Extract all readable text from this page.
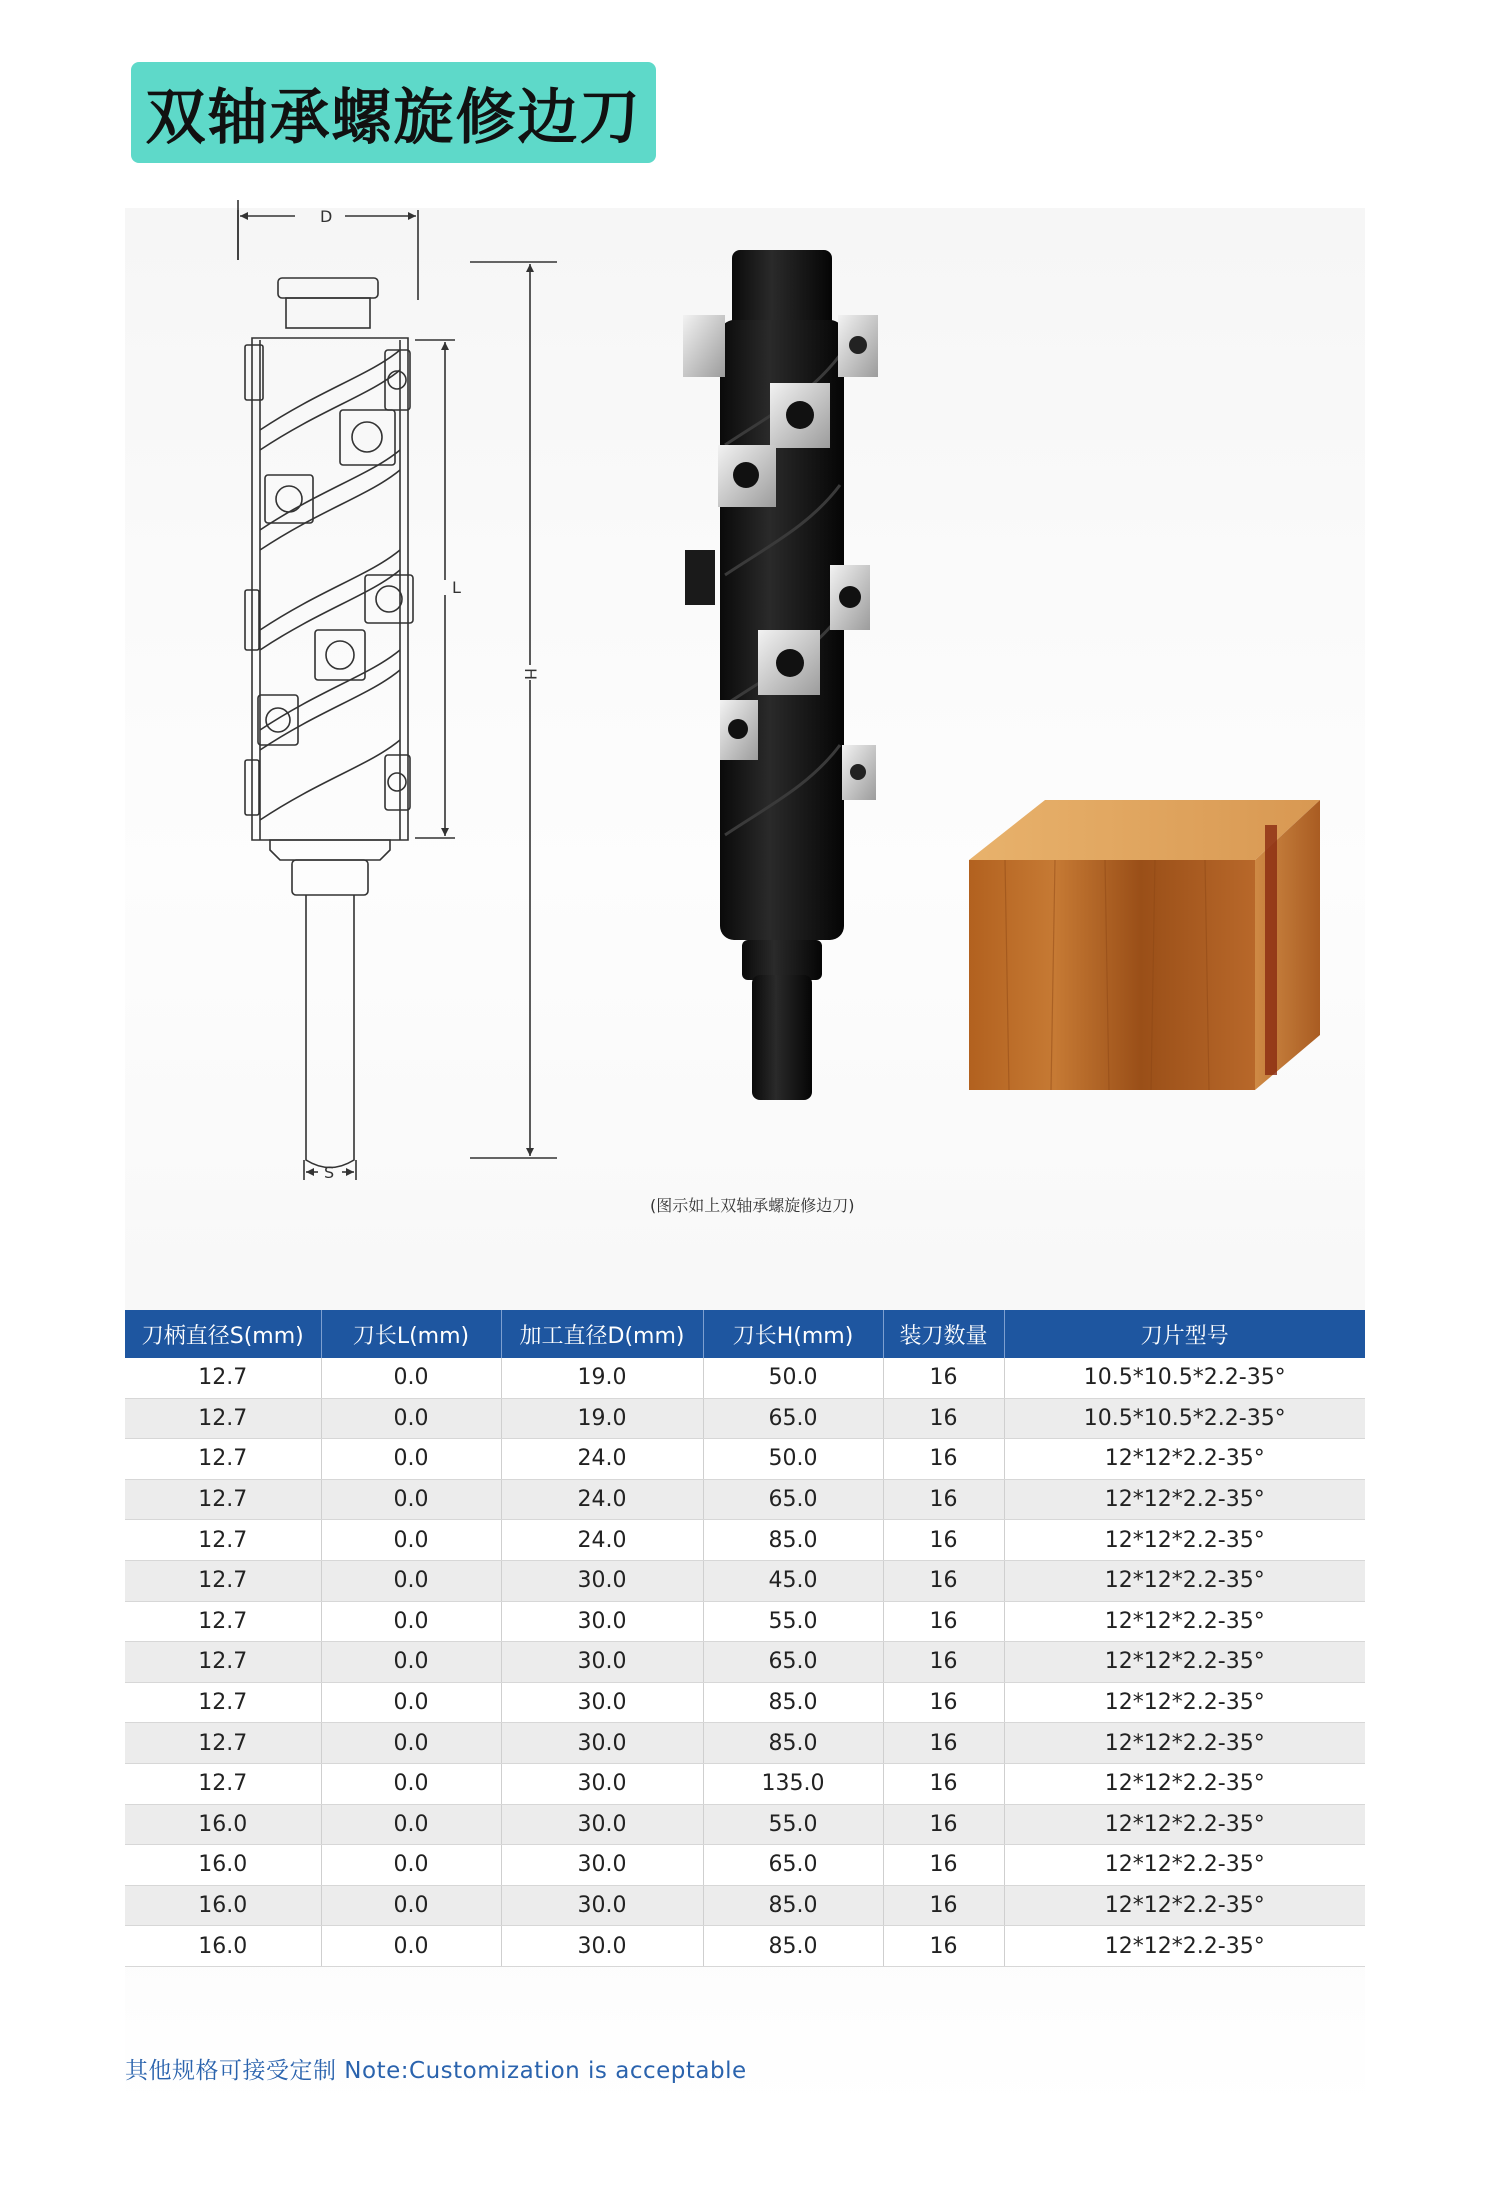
双轴承螺旋修边刀
D
L
H
S
(图示如上双轴承螺旋修边刀)
刀柄直径S(mm)	刀长L(mm)	加工直径D(mm)	刀长H(mm)	装刀数量	刀片型号
12.7	0.0	19.0	50.0	16	10.5*10.5*2.2-35°
12.7	0.0	19.0	65.0	16	10.5*10.5*2.2-35°
12.7	0.0	24.0	50.0	16	12*12*2.2-35°
12.7	0.0	24.0	65.0	16	12*12*2.2-35°
12.7	0.0	24.0	85.0	16	12*12*2.2-35°
12.7	0.0	30.0	45.0	16	12*12*2.2-35°
12.7	0.0	30.0	55.0	16	12*12*2.2-35°
12.7	0.0	30.0	65.0	16	12*12*2.2-35°
12.7	0.0	30.0	85.0	16	12*12*2.2-35°
12.7	0.0	30.0	85.0	16	12*12*2.2-35°
12.7	0.0	30.0	135.0	16	12*12*2.2-35°
16.0	0.0	30.0	55.0	16	12*12*2.2-35°
16.0	0.0	30.0	65.0	16	12*12*2.2-35°
16.0	0.0	30.0	85.0	16	12*12*2.2-35°
16.0	0.0	30.0	85.0	16	12*12*2.2-35°
其他规格可接受定制 Note:Customization is acceptable
